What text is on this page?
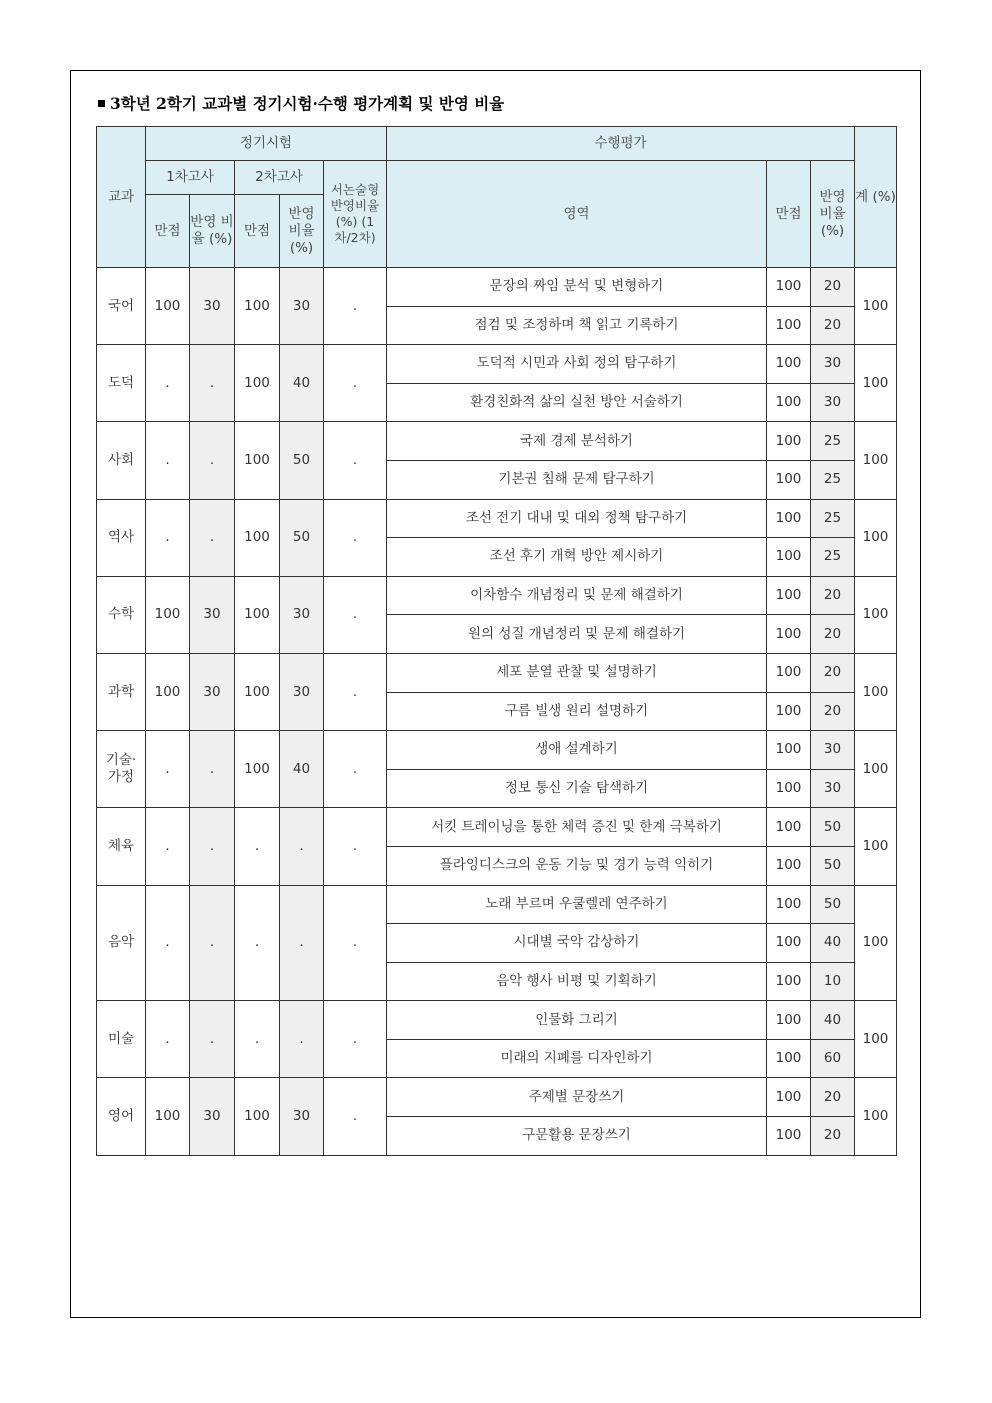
3학년 2학기 교과별 정기시험·수행 평가계획 및 반영 비율
교과	정기시험					수행평가			계 (%)
	1차고사		2차고사		서논술형 반영비율 (%) (1차/2차)	영역	만점	반영 비율 (%)	
	만점	반영 비율 (%)	만점	반영 비율 (%)					
국어	100	30	100	30	.	문장의 짜임 분석 및 변형하기	100	20	100
						점검 및 조정하며 책 읽고 기록하기	100	20	
도덕	.	.	100	40	.	도덕적 시민과 사회 정의 탐구하기	100	30	100
						환경친화적 삶의 실천 방안 서술하기	100	30	
사회	.	.	100	50	.	국제 경제 분석하기	100	25	100
						기본권 침해 문제 탐구하기	100	25	
역사	.	.	100	50	.	조선 전기 대내 및 대외 정책 탐구하기	100	25	100
						조선 후기 개혁 방안 제시하기	100	25	
수학	100	30	100	30	.	이차함수 개념정리 및 문제 해결하기	100	20	100
						원의 성질 개념정리 및 문제 해결하기	100	20	
과학	100	30	100	30	.	세포 분열 관찰 및 설명하기	100	20	100
						구름 빌생 원리 설명하기	100	20	
기술·가정	.	.	100	40	.	생애 설계하기	100	30	100
						정보 통신 기술 탐색하기	100	30	
체육	.	.	.	.	.	서킷 트레이닝을 통한 체력 증진 및 한계 극복하기	100	50	100
						플라잉디스크의 운동 기능 및 경기 능력 익히기	100	50	
음악	.	.	.	.	.	노래 부르며 우쿨렐레 연주하기	100	50	100
						시대별 국악 감상하기	100	40	
						음악 행사 비평 및 기획하기	100	10	
미술	.	.	.	.	.	인물화 그리기	100	40	100
						미래의 지폐를 디자인하기	100	60	
영어	100	30	100	30	.	주제별 문장쓰기	100	20	100
						구문활용 문장쓰기	100	20	
